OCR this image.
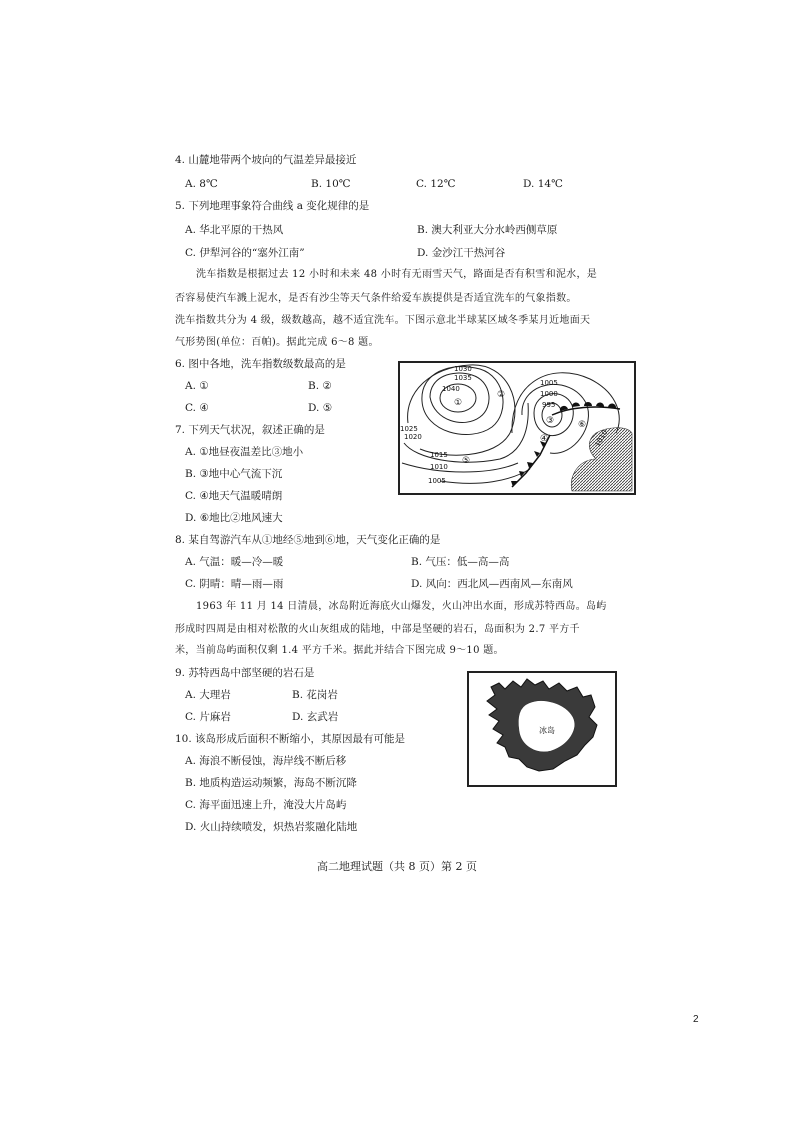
4. 山麓地带两个坡向的气温差异最接近
A. 8℃	B. 10℃	C. 12℃	D. 14℃
5. 下列地理事象符合曲线 a 变化规律的是
A. 华北平原的干热风	B. 澳大利亚大分水岭西侧草原
C. 伊犁河谷的“塞外江南”	D. 金沙江干热河谷
洗车指数是根据过去 12 小时和未来 48 小时有无雨雪天气，路面是否有积雪和泥水，是
否容易使汽车溅上泥水，是否有沙尘等天气条件给爱车族提供是否适宜洗车的气象指数。
洗车指数共分为 4 级，级数越高，越不适宜洗车。下图示意北半球某区域冬季某月近地面天
气形势图(单位：百帕)。据此完成 6～8 题。
6. 图中各地，洗车指数级数最高的是
A. ①	B. ②
C. ④	D. ⑤
7. 下列天气状况，叙述正确的是
A. ①地昼夜温差比③地小
B. ③地中心气流下沉
C. ④地天气温暖晴朗
D. ⑥地比②地风速大
1030
1035
1040
1005
1000
995
1025
1020
1015
1010
1005
1010
①
②
③
④
⑤
⑥
8. 某自驾游汽车从①地经⑤地到⑥地，天气变化正确的是
A. 气温：暖—冷—暖	B. 气压：低—高—高
C. 阴晴：晴—雨—雨	D. 风向：西北风—西南风—东南风
1963 年 11 月 14 日清晨，冰岛附近海底火山爆发，火山冲出水面，形成苏特西岛。岛屿
形成时四周是由相对松散的火山灰组成的陆地，中部是坚硬的岩石，岛面积为 2.7 平方千
米，当前岛屿面积仅剩 1.4 平方千米。据此并结合下图完成 9～10 题。
9. 苏特西岛中部坚硬的岩石是
A. 大理岩	B. 花岗岩
C. 片麻岩	D. 玄武岩
冰岛
10. 该岛形成后面积不断缩小，其原因最有可能是
A. 海浪不断侵蚀，海岸线不断后移
B. 地质构造运动频繁，海岛不断沉降
C. 海平面迅速上升，淹没大片岛屿
D. 火山持续喷发，炽热岩浆融化陆地
高二地理试题（共 8 页）第 2 页
2
